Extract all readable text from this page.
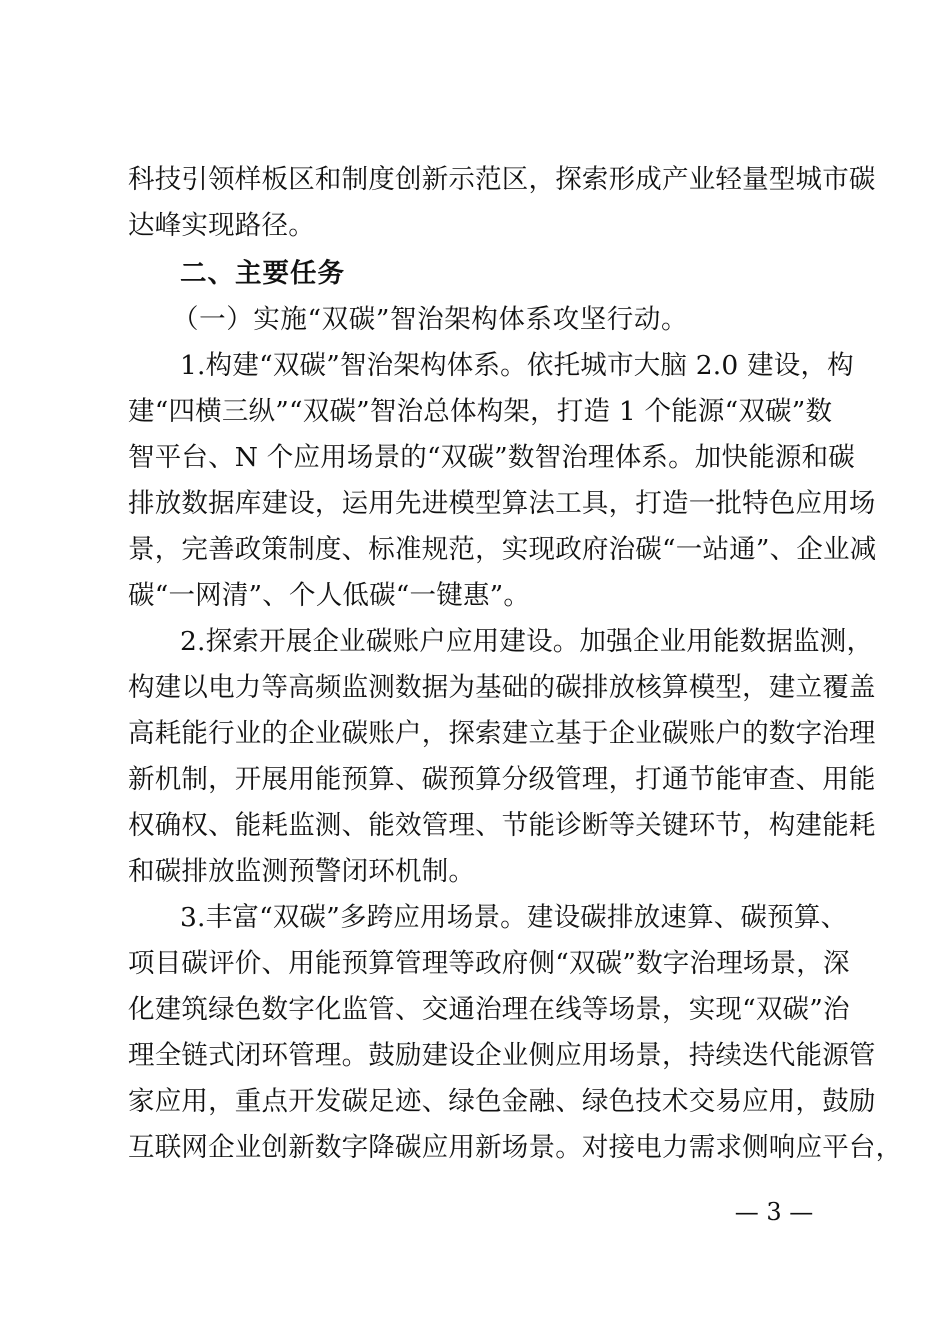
科技引领样板区和制度创新示范区，探索形成产业轻量型城市碳
达峰实现路径。
二、主要任务
（一）实施“双碳”智治架构体系攻坚行动。
1.构建“双碳”智治架构体系。依托城市大脑 2.0 建设，构
建“四横三纵”“双碳”智治总体构架，打造 1 个能源“双碳”数
智平台、N 个应用场景的“双碳”数智治理体系。加快能源和碳
排放数据库建设，运用先进模型算法工具，打造一批特色应用场
景，完善政策制度、标准规范，实现政府治碳“一站通”、企业减
碳“一网清”、个人低碳“一键惠”。
2.探索开展企业碳账户应用建设。加强企业用能数据监测，
构建以电力等高频监测数据为基础的碳排放核算模型，建立覆盖
高耗能行业的企业碳账户，探索建立基于企业碳账户的数字治理
新机制，开展用能预算、碳预算分级管理，打通节能审查、用能
权确权、能耗监测、能效管理、节能诊断等关键环节，构建能耗
和碳排放监测预警闭环机制。
3.丰富“双碳”多跨应用场景。建设碳排放速算、碳预算、
项目碳评价、用能预算管理等政府侧“双碳”数字治理场景，深
化建筑绿色数字化监管、交通治理在线等场景，实现“双碳”治
理全链式闭环管理。鼓励建设企业侧应用场景，持续迭代能源管
家应用，重点开发碳足迹、绿色金融、绿色技术交易应用，鼓励
互联网企业创新数字降碳应用新场景。对接电力需求侧响应平台，
— 3 —
